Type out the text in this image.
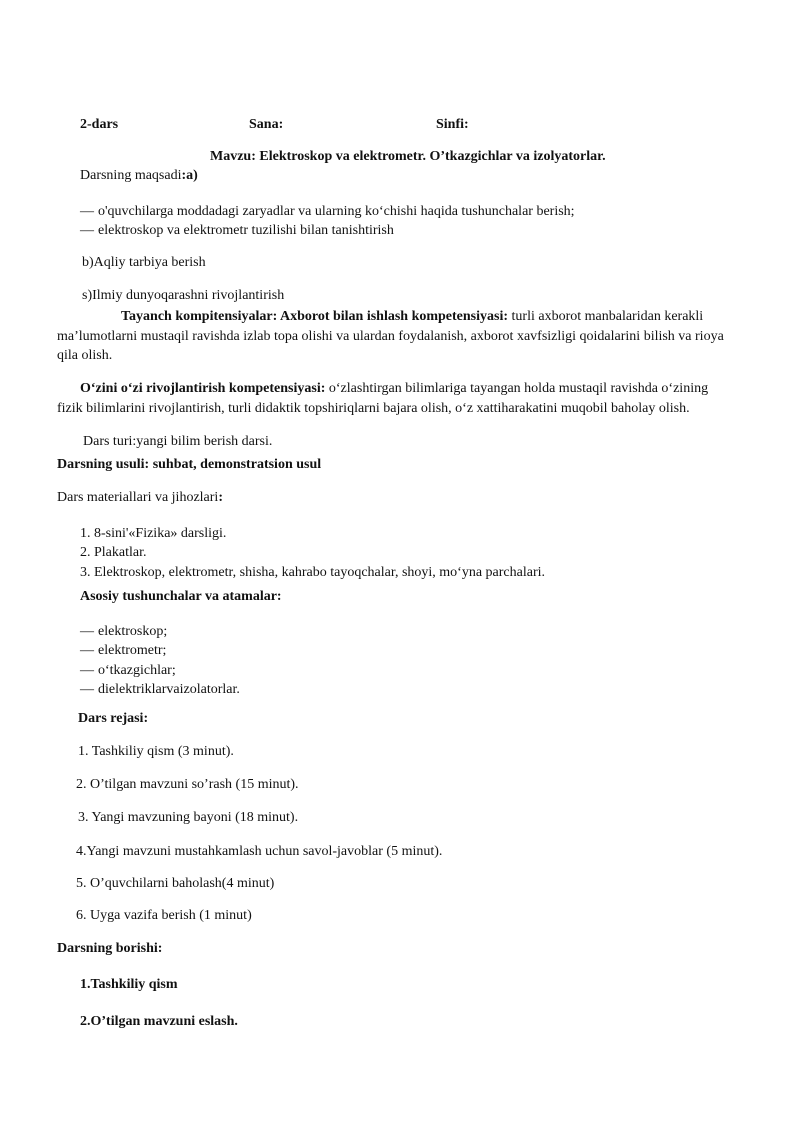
2-dars	Sana:	Sinfi:
Mavzu: Elektroskop va elektrometr. O’tkazgichlar va izolyatorlar.
Darsning maqsadi:a)
— o'quvchilarga moddadagi zaryadlar va ularning ko‘chishi haqida tushunchalar berish;
— elektroskop va elektrometr tuzilishi bilan tanishtirish
b)Aqliy tarbiya berish
s)Ilmiy dunyoqarashni rivojlantirish
Tayanch kompitensiyalar: Axborot bilan ishlash kompetensiyasi: turli axborot manbalaridan kerakli
ma’lumotlarni mustaqil ravishda izlab topa olishi va ulardan foydalanish, axborot xavfsizligi qoidalarini bilish va rioya
qila olish.
O‘zini o‘zi rivojlantirish kompetensiyasi: o‘zlashtirgan bilimlariga tayangan holda mustaqil ravishda o‘zining
fizik bilimlarini rivojlantirish, turli didaktik topshiriqlarni bajara olish, o‘z xattiharakatini muqobil baholay olish.
Dars turi:yangi bilim berish darsi.
Darsning usuli: suhbat, demonstratsion usul
Dars materiallari va jihozlari:
1. 8-sini'«Fizika» darsligi.
2. Plakatlar.
3. Elektroskop, elektrometr, shisha, kahrabo tayoqchalar, shoyi, mo‘yna parchalari.
Asosiy tushunchalar va atamalar:
— elektroskop;
— elektrometr;
— o‘tkazgichlar;
— dielektriklarvaizolatorlar.
Dars rejasi:
1. Tashkiliy qism (3 minut).
2. O’tilgan mavzuni so’rash (15 minut).
3. Yangi mavzuning bayoni (18 minut).
4.Yangi mavzuni mustahkamlash uchun savol-javoblar (5 minut).
5. O’quvchilarni baholash(4 minut)
6. Uyga vazifa berish (1 minut)
Darsning borishi:
1.Tashkiliy qism
2.O’tilgan mavzuni eslash.
